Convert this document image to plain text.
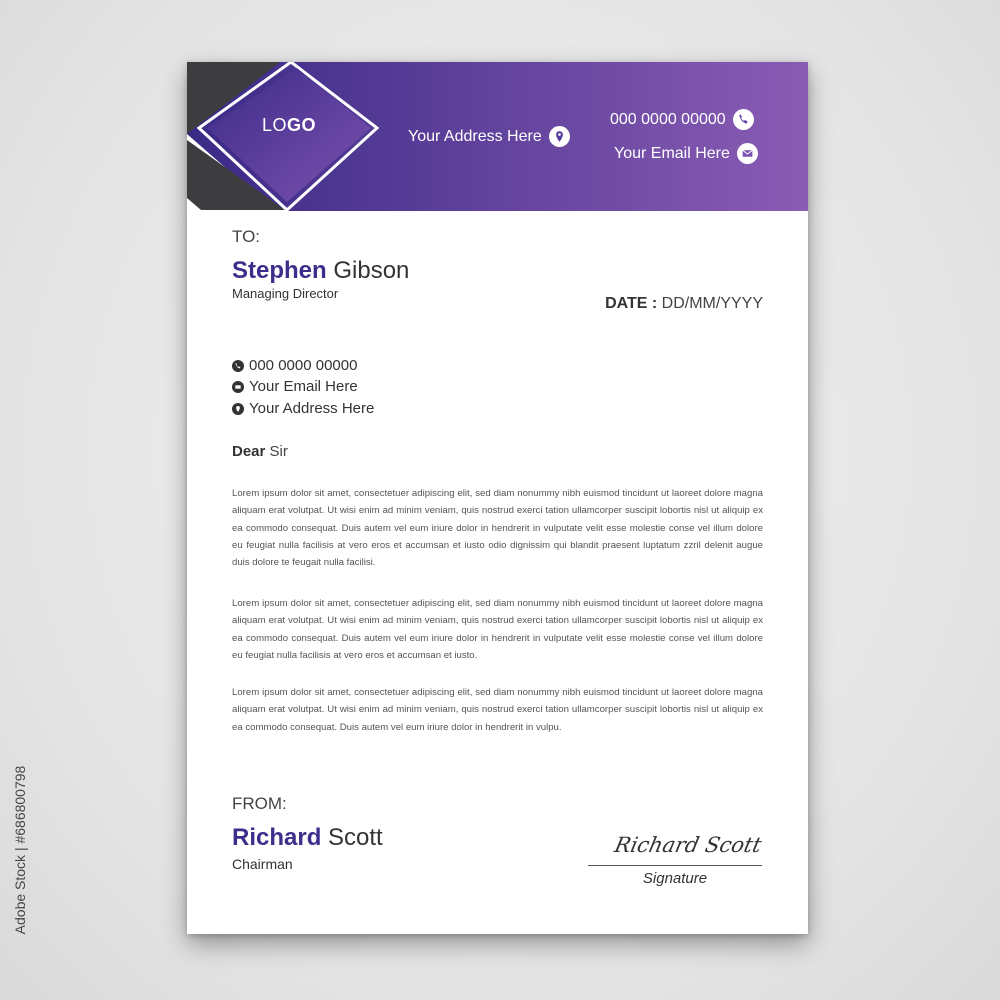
LOGO
Your Address Here
000 0000 00000
Your Email Here
TO:
Stephen Gibson
Managing Director
DATE : DD/MM/YYYY
000 0000 00000
Your Email Here
Your Address Here
Dear Sir
Lorem ipsum dolor sit amet, consectetuer adipiscing elit, sed diam nonummy nibh euismod tincidunt ut laoreet dolore magna aliquam erat volutpat. Ut wisi enim ad minim veniam, quis nostrud exerci tation ullamcorper suscipit lobortis nisl ut aliquip ex ea commodo consequat. Duis autem vel eum iriure dolor in hendrerit in vulputate velit esse molestie conse vel illum dolore eu feugiat nulla facilisis at vero eros et accumsan et iusto odio dignissim qui blandit praesent luptatum zzril delenit augue duis dolore te feugait nulla facilisi.
Lorem ipsum dolor sit amet, consectetuer adipiscing elit, sed diam nonummy nibh euismod tincidunt ut laoreet dolore magna aliquam erat volutpat. Ut wisi enim ad minim veniam, quis nostrud exerci tation ullamcorper suscipit lobortis nisl ut aliquip ex ea commodo consequat. Duis autem vel eum iriure dolor in hendrerit in vulputate velit esse molestie conse vel illum dolore eu feugiat nulla facilisis at vero eros et accumsan et iusto.
Lorem ipsum dolor sit amet, consectetuer adipiscing elit, sed diam nonummy nibh euismod tincidunt ut laoreet dolore magna aliquam erat volutpat. Ut wisi enim ad minim veniam, quis nostrud exerci tation ullamcorper suscipit lobortis nisl ut aliquip ex ea commodo consequat. Duis autem vel eum iriure dolor in hendrerit in vulpu.
FROM:
Richard Scott
Chairman
Richard Scott
Signature
Adobe Stock | #686800798
